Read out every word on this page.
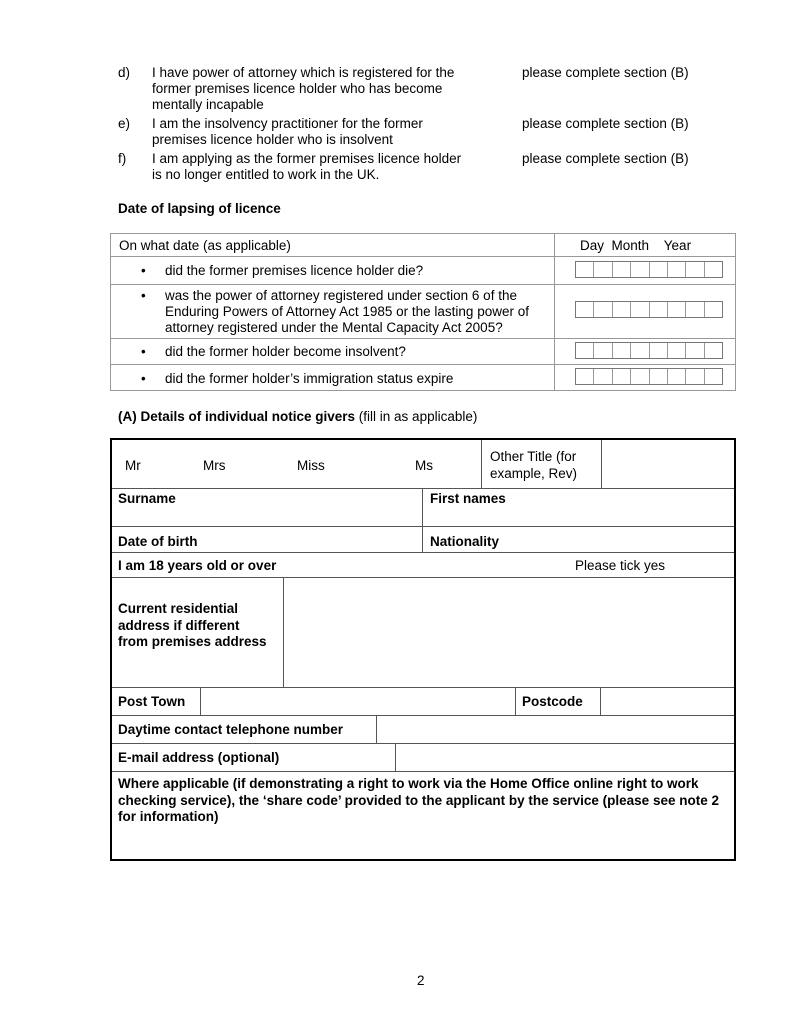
d) I have power of attorney which is registered for the former premises licence holder who has become mentally incapable
please complete section (B)
e) I am the insolvency practitioner for the former premises licence holder who is insolvent
please complete section (B)
f) I am applying as the former premises licence holder is no longer entitled to work in the UK.
please complete section (B)
Date of lapsing of licence
On what date (as applicable)	Day  Month    Year
•	did the former premises licence holder die?
•	was the power of attorney registered under section 6 of the Enduring Powers of Attorney Act 1985 or the lasting power of attorney registered under the Mental Capacity Act 2005?
•	did the former holder become insolvent?
•	did the former holder’s immigration status expire
(A) Details of individual notice givers (fill in as applicable)
Mr	Mrs	Miss	Ms
Other Title (for example, Rev)
Surname	First names
Date of birth	Nationality
I am 18 years old or over	Please tick yes
Current residential address if different from premises address
Post Town	Postcode
Daytime contact telephone number
E-mail address (optional)
Where applicable (if demonstrating a right to work via the Home Office online right to work checking service), the ‘share code’ provided to the applicant by the service (please see note 2 for information)
2
